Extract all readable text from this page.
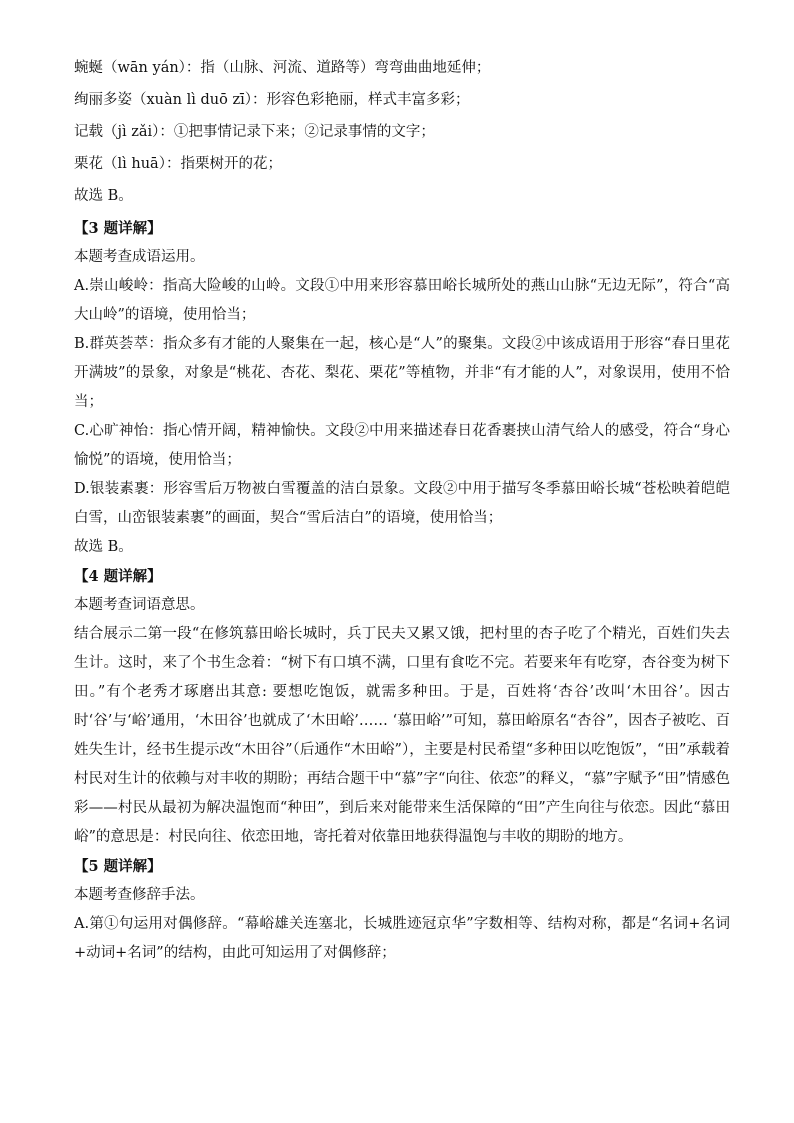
蜿蜒（wān yán）：指（山脉、河流、道路等）弯弯曲曲地延伸；

绚丽多姿（xuàn lì duō zī）：形容色彩艳丽，样式丰富多彩；

记载（jì zǎi）：①把事情记录下来；②记录事情的文字；

栗花（lì huā）：指栗树开的花；

故选 B。

【3 题详解】

本题考查成语运用。

A.崇山峻岭：指高大险峻的山岭。文段①中用来形容慕田峪长城所处的燕山山脉“无边无际”，符合“高大山岭”的语境，使用恰当；

B.群英荟萃：指众多有才能的人聚集在一起，核心是“人”的聚集。文段②中该成语用于形容“春日里花开满坡”的景象，对象是“桃花、杏花、梨花、栗花”等植物，并非“有才能的人”，对象误用，使用不恰当；

C.心旷神怡：指心情开阔，精神愉快。文段②中用来描述春日花香裹挟山清气给人的感受，符合“身心愉悦”的语境，使用恰当；

D.银装素裹：形容雪后万物被白雪覆盖的洁白景象。文段②中用于描写冬季慕田峪长城“苍松映着皑皑白雪，山峦银装素裹”的画面，契合“雪后洁白”的语境，使用恰当；

故选 B。

【4 题详解】

本题考查词语意思。

结合展示二第一段“在修筑慕田峪长城时，兵丁民夫又累又饿，把村里的杏子吃了个精光，百姓们失去生计。这时，来了个书生念着：“树下有口填不满，口里有食吃不完。若要来年有吃穿，杏谷变为树下田。”有个老秀才琢磨出其意: 要想吃饱饭，就需多种田。于是，百姓将‘杏谷’改叫‘木田谷’。因古时‘谷’与‘峪’通用，‘木田谷’也就成了‘木田峪’…… ‘慕田峪’”可知，慕田峪原名“杏谷”，因杏子被吃、百姓失生计，经书生提示改“木田谷”（后通作“木田峪”），主要是村民希望“多种田以吃饱饭”，“田”承载着村民对生计的依赖与对丰收的期盼；再结合题干中“慕”字“向往、依恋”的释义，“慕”字赋予“田”情感色彩——村民从最初为解决温饱而“种田”，到后来对能带来生活保障的“田”产生向往与依恋。因此“慕田峪”的意思是：村民向往、依恋田地，寄托着对依靠田地获得温饱与丰收的期盼的地方。

【5 题详解】

本题考查修辞手法。

A.第①句运用对偶修辞。“幕峪雄关连塞北，长城胜迹冠京华”字数相等、结构对称，都是“名词+名词+动词+名词”的结构，由此可知运用了对偶修辞；
